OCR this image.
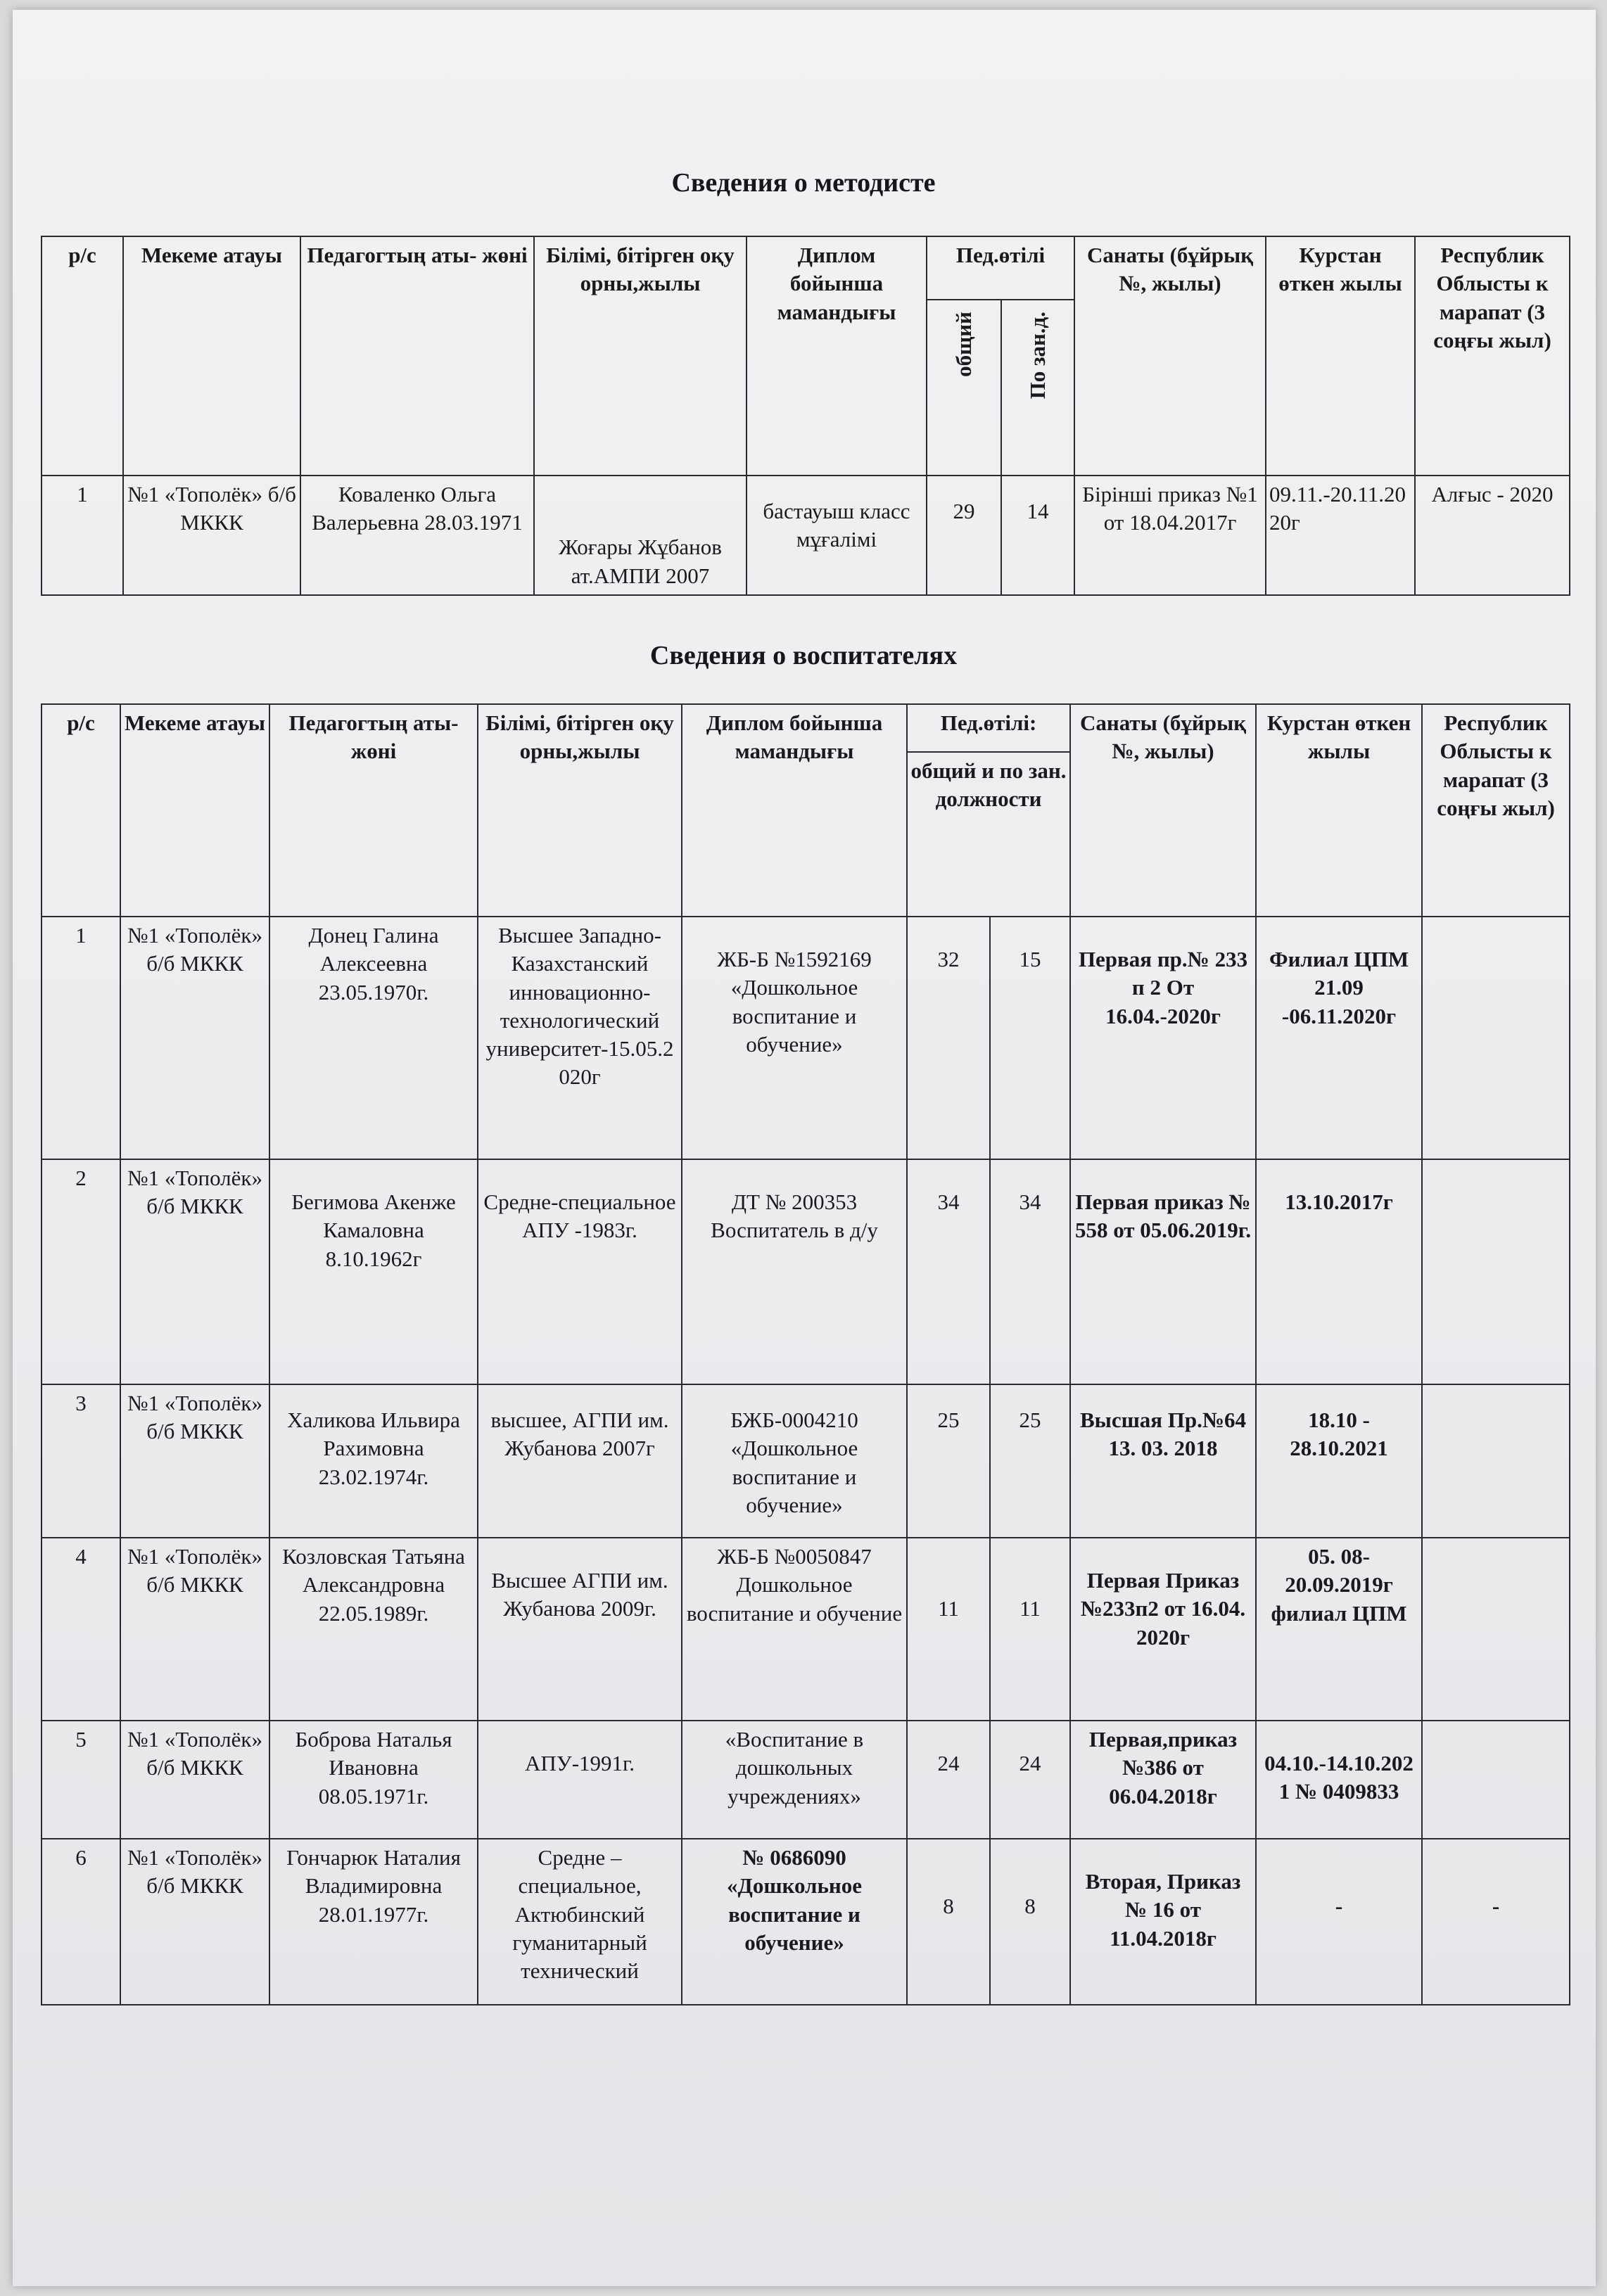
Сведения о методисте
р/с	Мекеме атауы	Педагогтың аты- жөні	Білімі, бітірген оқу орны,жылы	Диплом бойынша мамандығы	Пед.өтілі		Санаты (бұйрық №, жылы)	Курстан өткен жылы	Республик Облысты к марапат (3 соңғы жыл)
					общий	По зан.д.			
1	№1 «Тополёк» б/б МККК	Коваленко Ольга Валерьевна 28.03.1971	Жоғары Жұбанов ат.АМПИ 2007	бастауыш класс мұғалімі	29	14	Бірінші приказ №1 от 18.04.2017г	09.11.-20.11.2020г	Алғыс - 2020
Сведения о воспитателях
р/с	Мекеме атауы	Педагогтың аты- жөні	Білімі, бітірген оқу орны,жылы	Диплом бойынша мамандығы	Пед.өтілі:		Санаты (бұйрық №, жылы)	Курстан өткен жылы	Республик Облысты к марапат (3 соңғы жыл)
					общий и по зан. должности				
1	№1 «Тополёк» б/б МККК	Донец Галина Алексеевна 23.05.1970г.	Высшее Западно-Казахстанский инновационно-технологический университет-15.05.2020г	ЖБ-Б №1592169 «Дошкольное воспитание и обучение»	32	15	Первая пр.№ 233 п 2 От 16.04.-2020г	Филиал ЦПМ 21.09 -06.11.2020г	
2	№1 «Тополёк» б/б МККК	Бегимова Акенже Камаловна 8.10.1962г	Средне-специальное АПУ -1983г.	ДТ № 200353 Воспитатель в д/у	34	34	Первая приказ № 558 от 05.06.2019г.	13.10.2017г	
3	№1 «Тополёк» б/б МККК	Халикова Ильвира Рахимовна 23.02.1974г.	высшее, АГПИ им. Жубанова 2007г	БЖБ-0004210 «Дошкольное воспитание и обучение»	25	25	Высшая Пр.№64 13. 03. 2018	18.10 - 28.10.2021	
4	№1 «Тополёк» б/б МККК	Козловская Татьяна Александровна 22.05.1989г.	Высшее АГПИ им. Жубанова 2009г.	ЖБ-Б №0050847 Дошкольное воспитание и обучение	11	11	Первая Приказ №233п2 от 16.04. 2020г	05. 08-20.09.2019г филиал ЦПМ	
5	№1 «Тополёк» б/б МККК	Боброва Наталья Ивановна 08.05.1971г.	АПУ-1991г.	«Воспитание в дошкольных учреждениях»	24	24	Первая,приказ №386 от 06.04.2018г	04.10.-14.10.2021 № 0409833	
6	№1 «Тополёк» б/б МККК	Гончарюк Наталия Владимировна 28.01.1977г.	Средне – специальное, Актюбинский гуманитарный технический	№ 0686090 «Дошкольное воспитание и обучение»	8	8	Вторая, Приказ № 16 от 11.04.2018г	-	-
